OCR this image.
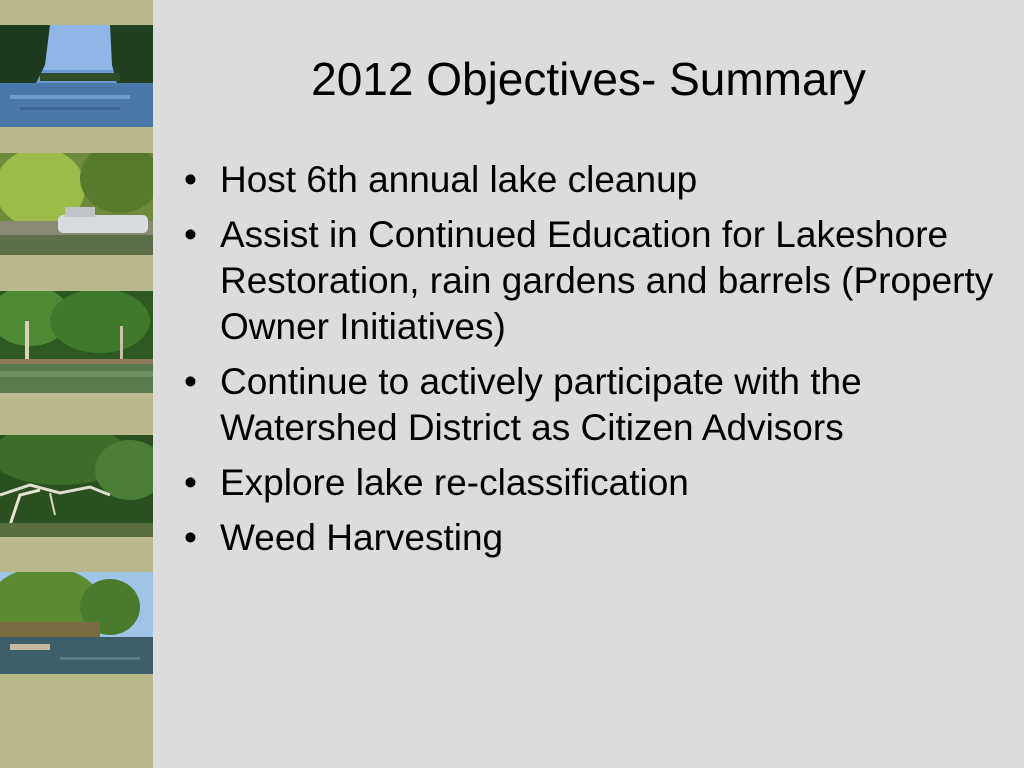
2012 Objectives- Summary
• Host 6th annual lake cleanup
• Assist in Continued Education for Lakeshore Restoration, rain gardens and barrels (Property Owner Initiatives)
• Continue to actively participate with the Watershed District as Citizen Advisors
• Explore lake re-classification
• Weed Harvesting
